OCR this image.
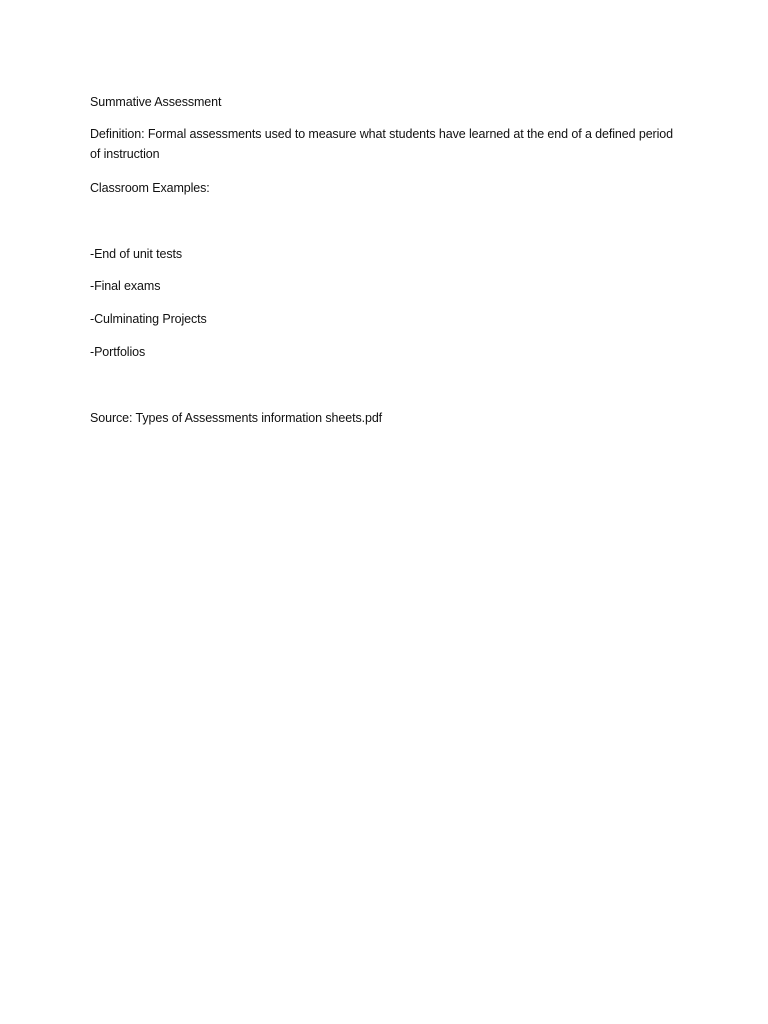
Summative Assessment
Definition: Formal assessments used to measure what students have learned at the end of a defined period of instruction
Classroom Examples:
-End of unit tests
-Final exams
-Culminating Projects
-Portfolios
Source: Types of Assessments information sheets.pdf
